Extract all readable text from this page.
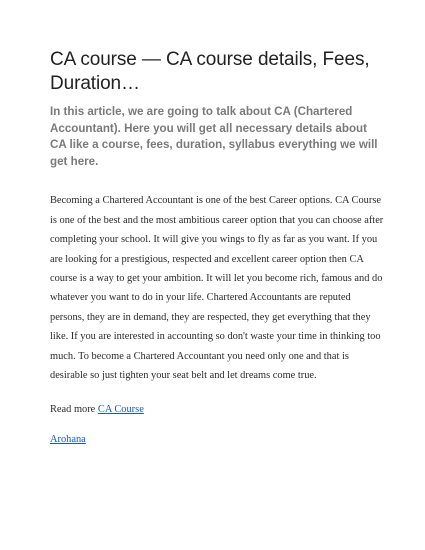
CA course — CA course details, Fees, Duration…

In this article, we are going to talk about CA (Chartered Accountant). Here you will get all necessary details about CA like a course, fees, duration, syllabus everything we will get here.

Becoming a Chartered Accountant is one of the best Career options. CA Course is one of the best and the most ambitious career option that you can choose after completing your school. It will give you wings to fly as far as you want. If you are looking for a prestigious, respected and excellent career option then CA course is a way to get your ambition. It will let you become rich, famous and do whatever you want to do in your life. Chartered Accountants are reputed persons, they are in demand, they are respected, they get everything that they like. If you are interested in accounting so don't waste your time in thinking too much. To become a Chartered Accountant you need only one and that is desirable so just tighten your seat belt and let dreams come true.

Read more CA Course

Arohana
